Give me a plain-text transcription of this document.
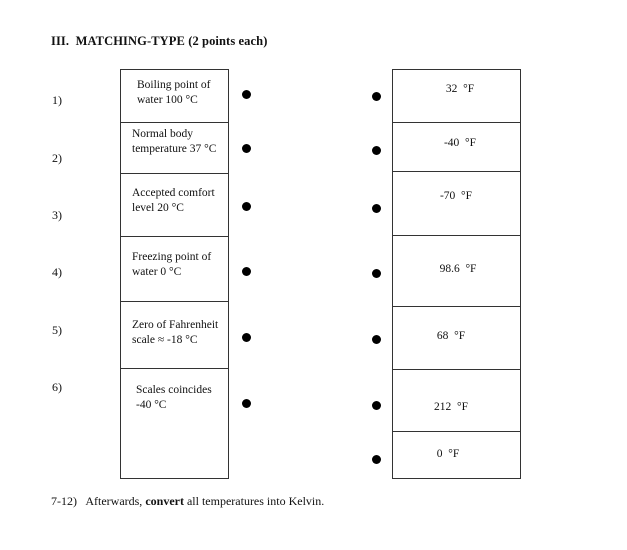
III.  MATCHING-TYPE (2 points each)
1)
2)
3)
4)
5)
6)
Boiling point of
water 100 °C
Normal body
temperature 37 °C
Accepted comfort
level 20 °C
Freezing point of
water 0 °C
Zero of Fahrenheit
scale ≈ -18 °C
Scales coincides
-40 °C
32  °F
-40  °F
-70  °F
98.6  °F
68  °F
212  °F
0  °F
7-12)   Afterwards, convert all temperatures into Kelvin.
